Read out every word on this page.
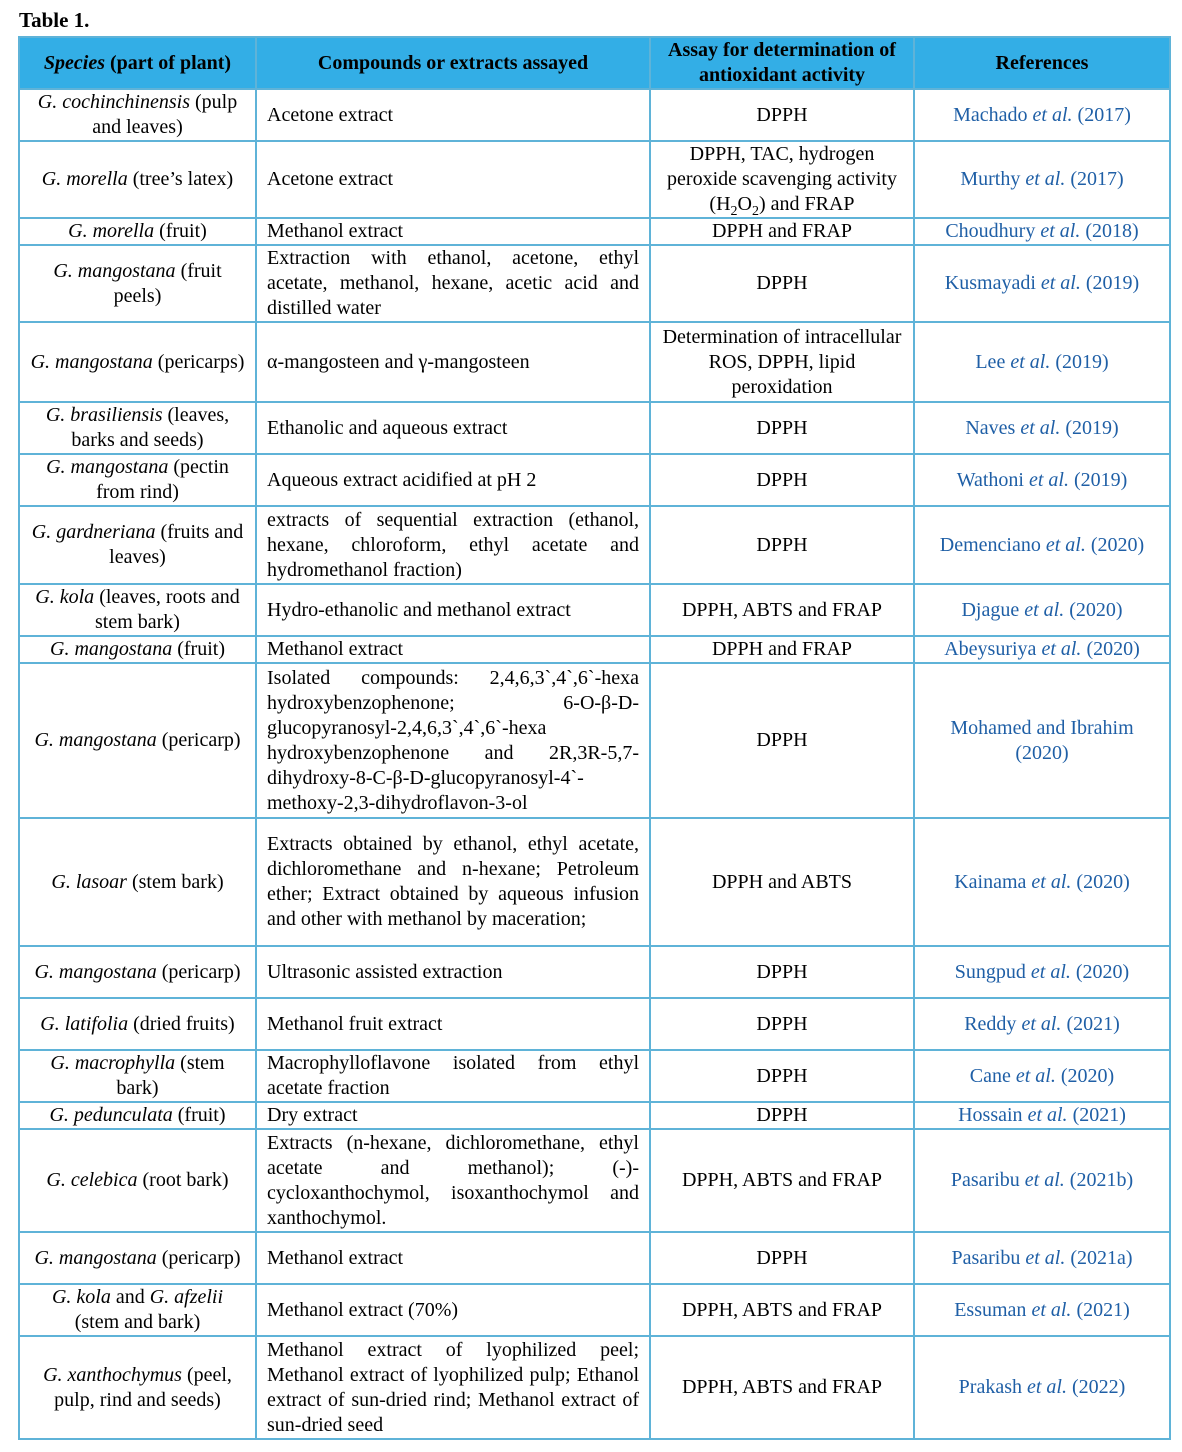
Table 1.
Species (part of plant)	Compounds or extracts assayed	Assay for determination of antioxidant activity	References
G. cochinchinensis (pulp and leaves)	Acetone extract	DPPH	Machado et al. (2017)
G. morella (tree’s latex)	Acetone extract	DPPH, TAC, hydrogen peroxide scavenging activity $(H_2O_2)$ and FRAP	Murthy et al. (2017)
G. morella (fruit)	Methanol extract	DPPH and FRAP	Choudhury et al. (2018)
G. mangostana (fruit peels)	Extraction with ethanol, acetone, ethyl acetate, methanol, hexane, acetic acid and distilled water	DPPH	Kusmayadi et al. (2019)
G. mangostana (pericarps)	α-mangosteen and γ-mangosteen	Determination of intracellular ROS, DPPH, lipid peroxidation	Lee et al. (2019)
G. brasiliensis (leaves, barks and seeds)	Ethanolic and aqueous extract	DPPH	Naves et al. (2019)
G. mangostana (pectin from rind)	Aqueous extract acidified at pH 2	DPPH	Wathoni et al. (2019)
G. gardneriana (fruits and leaves)	extracts of sequential extraction (ethanol, hexane, chloroform, ethyl acetate and hydromethanol fraction)	DPPH	Demenciano et al. (2020)
G. kola (leaves, roots and stem bark)	Hydro-ethanolic and methanol extract	DPPH, ABTS and FRAP	Djague et al. (2020)
G. mangostana (fruit)	Methanol extract	DPPH and FRAP	Abeysuriya et al. (2020)
G. mangostana (pericarp)	Isolated compounds: 2,4,6,3`,4`,6`-hexa hydroxybenzophenone; 6-O-β-D-glucopyranosyl-2,4,6,3`,4`,6`-hexa hydroxybenzophenone and 2R,3R-5,7-dihydroxy-8-C-β-D-glucopyranosyl-4`-methoxy-2,3-dihydroflavon-3-ol	DPPH	Mohamed and Ibrahim (2020)
G. lasoar (stem bark)	Extracts obtained by ethanol, ethyl acetate, dichloromethane and n-hexane; Petroleum ether; Extract obtained by aqueous infusion and other with methanol by maceration;	DPPH and ABTS	Kainama et al. (2020)
G. mangostana (pericarp)	Ultrasonic assisted extraction	DPPH	Sungpud et al. (2020)
G. latifolia (dried fruits)	Methanol fruit extract	DPPH	Reddy et al. (2021)
G. macrophylla (stem bark)	Macrophylloflavone isolated from ethyl acetate fraction	DPPH	Cane et al. (2020)
G. pedunculata (fruit)	Dry extract	DPPH	Hossain et al. (2021)
G. celebica (root bark)	Extracts (n-hexane, dichloromethane, ethyl acetate and methanol); (-)-cycloxanthochymol, isoxanthochymol and xanthochymol.	DPPH, ABTS and FRAP	Pasaribu et al. (2021b)
G. mangostana (pericarp)	Methanol extract	DPPH	Pasaribu et al. (2021a)
G. kola and G. afzelii (stem and bark)	Methanol extract (70%)	DPPH, ABTS and FRAP	Essuman et al. (2021)
G. xanthochymus (peel, pulp, rind and seeds)	Methanol extract of lyophilized peel; Methanol extract of lyophilized pulp; Ethanol extract of sun-dried rind; Methanol extract of sun-dried seed	DPPH, ABTS and FRAP	Prakash et al. (2022)
